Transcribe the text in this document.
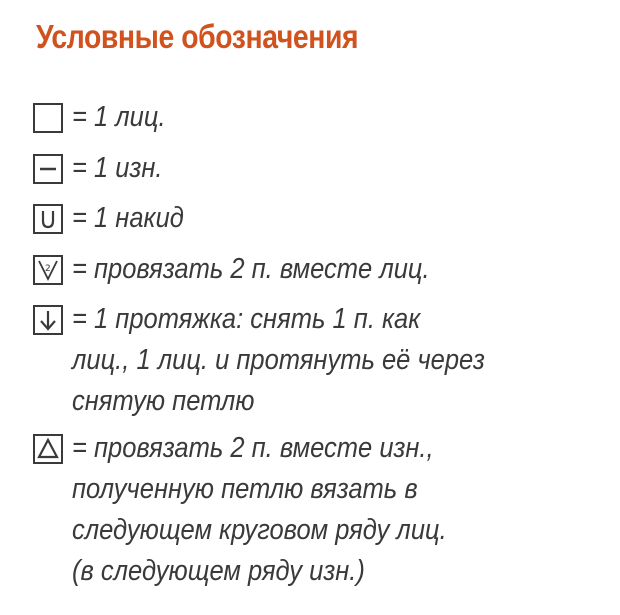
Условные обозначения
= 1 лиц.
= 1 изн.
= 1 накид
2 = провязать 2 п. вместе лиц.
= 1 протяжка: снять 1 п. как
лиц., 1 лиц. и протянуть её через
снятую петлю
= провязать 2 п. вместе изн.,
полученную петлю вязать в
следующем круговом ряду лиц.
(в следующем ряду изн.)
